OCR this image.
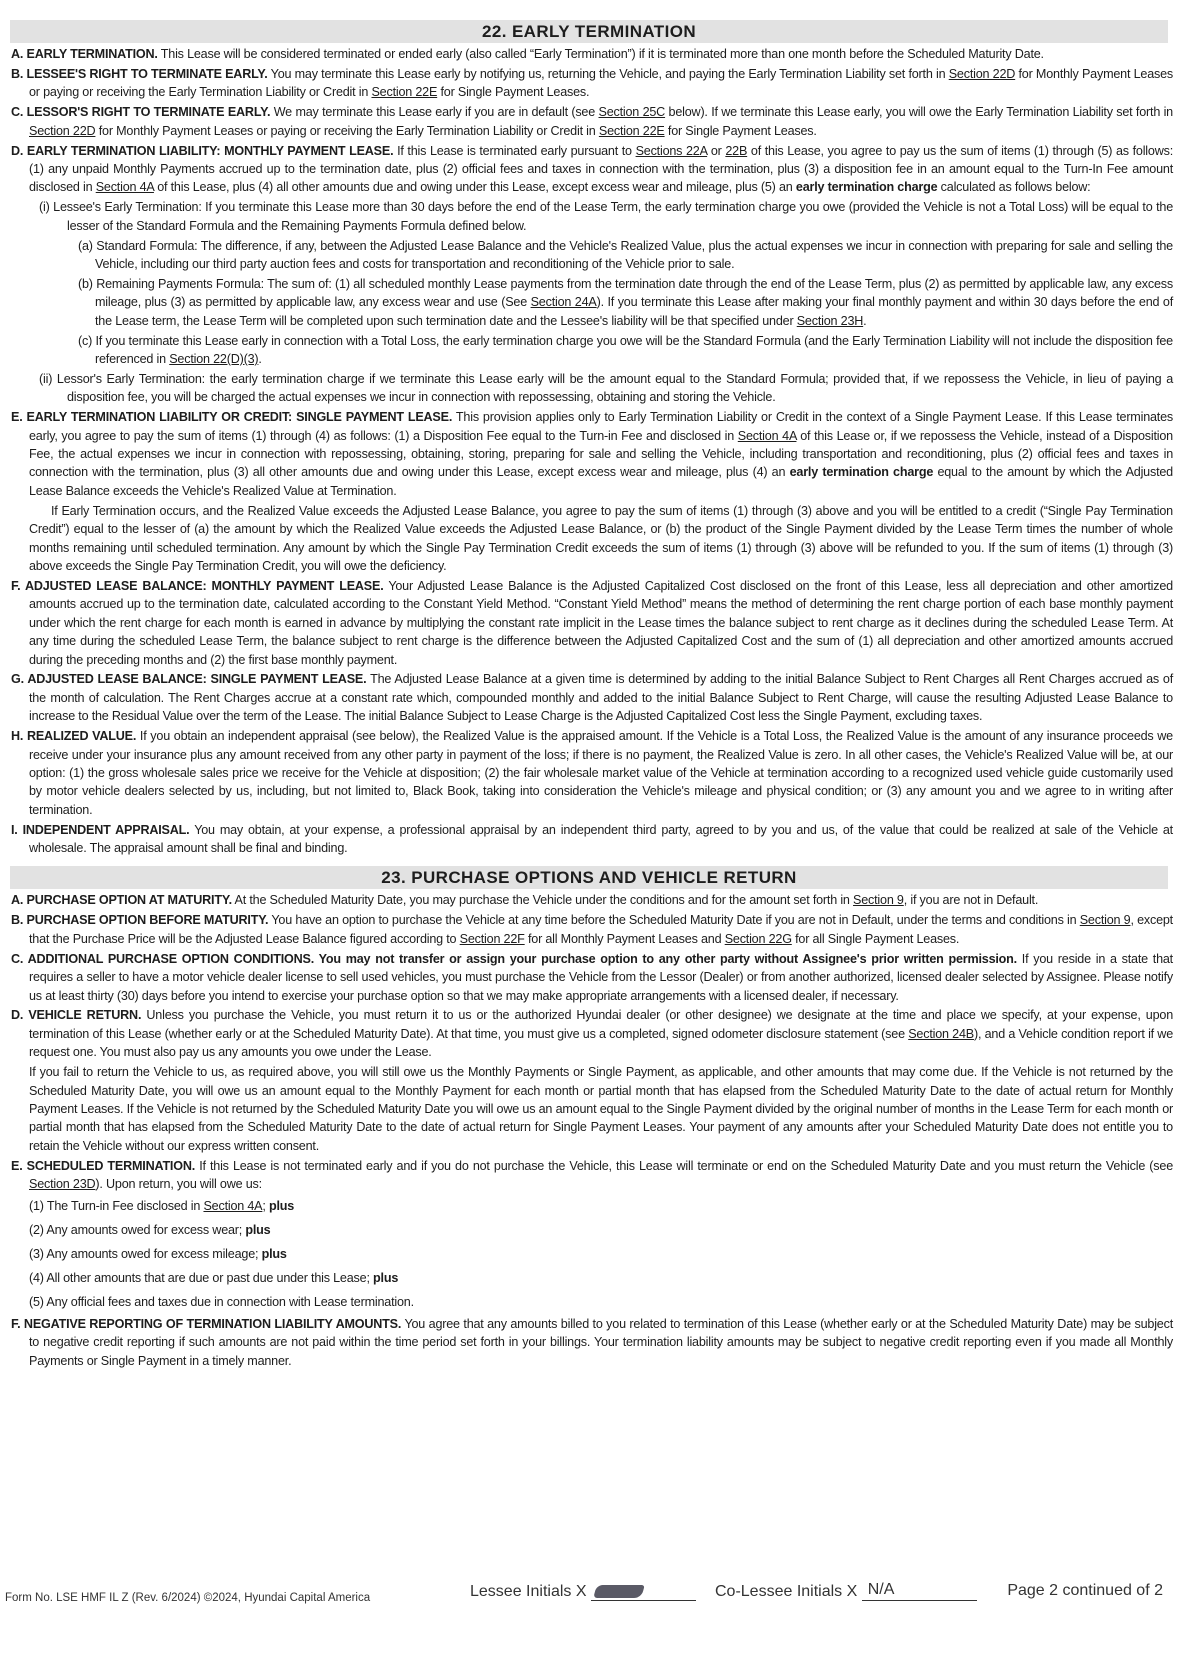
22. EARLY TERMINATION

A. EARLY TERMINATION. This Lease will be considered terminated or ended early (also called “Early Termination”) if it is terminated more than one month before the Scheduled Maturity Date.

B. LESSEE'S RIGHT TO TERMINATE EARLY. You may terminate this Lease early by notifying us, returning the Vehicle, and paying the Early Termination Liability set forth in Section 22D for Monthly Payment Leases or paying or receiving the Early Termination Liability or Credit in Section 22E for Single Payment Leases.

C. LESSOR'S RIGHT TO TERMINATE EARLY. We may terminate this Lease early if you are in default (see Section 25C below). If we terminate this Lease early, you will owe the Early Termination Liability set forth in Section 22D for Monthly Payment Leases or paying or receiving the Early Termination Liability or Credit in Section 22E for Single Payment Leases.

D. EARLY TERMINATION LIABILITY: MONTHLY PAYMENT LEASE. If this Lease is terminated early pursuant to Sections 22A or 22B of this Lease, you agree to pay us the sum of items (1) through (5) as follows: (1) any unpaid Monthly Payments accrued up to the termination date, plus (2) official fees and taxes in connection with the termination, plus (3) a disposition fee in an amount equal to the Turn-In Fee amount disclosed in Section 4A of this Lease, plus (4) all other amounts due and owing under this Lease, except excess wear and mileage, plus (5) an early termination charge calculated as follows below:

(i) Lessee's Early Termination: If you terminate this Lease more than 30 days before the end of the Lease Term, the early termination charge you owe (provided the Vehicle is not a Total Loss) will be equal to the lesser of the Standard Formula and the Remaining Payments Formula defined below.

(a) Standard Formula: The difference, if any, between the Adjusted Lease Balance and the Vehicle's Realized Value, plus the actual expenses we incur in connection with preparing for sale and selling the Vehicle, including our third party auction fees and costs for transportation and reconditioning of the Vehicle prior to sale.

(b) Remaining Payments Formula: The sum of: (1) all scheduled monthly Lease payments from the termination date through the end of the Lease Term, plus (2) as permitted by applicable law, any excess mileage, plus (3) as permitted by applicable law, any excess wear and use (See Section 24A). If you terminate this Lease after making your final monthly payment and within 30 days before the end of the Lease term, the Lease Term will be completed upon such termination date and the Lessee's liability will be that specified under Section 23H.

(c) If you terminate this Lease early in connection with a Total Loss, the early termination charge you owe will be the Standard Formula (and the Early Termination Liability will not include the disposition fee referenced in Section 22(D)(3).

(ii) Lessor's Early Termination: the early termination charge if we terminate this Lease early will be the amount equal to the Standard Formula; provided that, if we repossess the Vehicle, in lieu of paying a disposition fee, you will be charged the actual expenses we incur in connection with repossessing, obtaining and storing the Vehicle.

E. EARLY TERMINATION LIABILITY OR CREDIT: SINGLE PAYMENT LEASE. This provision applies only to Early Termination Liability or Credit in the context of a Single Payment Lease. If this Lease terminates early, you agree to pay the sum of items (1) through (4) as follows: (1) a Disposition Fee equal to the Turn-in Fee and disclosed in Section 4A of this Lease or, if we repossess the Vehicle, instead of a Disposition Fee, the actual expenses we incur in connection with repossessing, obtaining, storing, preparing for sale and selling the Vehicle, including transportation and reconditioning, plus (2) official fees and taxes in connection with the termination, plus (3) all other amounts due and owing under this Lease, except excess wear and mileage, plus (4) an early termination charge equal to the amount by which the Adjusted Lease Balance exceeds the Vehicle's Realized Value at Termination.

If Early Termination occurs, and the Realized Value exceeds the Adjusted Lease Balance, you agree to pay the sum of items (1) through (3) above and you will be entitled to a credit (“Single Pay Termination Credit”) equal to the lesser of (a) the amount by which the Realized Value exceeds the Adjusted Lease Balance, or (b) the product of the Single Payment divided by the Lease Term times the number of whole months remaining until scheduled termination. Any amount by which the Single Pay Termination Credit exceeds the sum of items (1) through (3) above will be refunded to you. If the sum of items (1) through (3) above exceeds the Single Pay Termination Credit, you will owe the deficiency.

F. ADJUSTED LEASE BALANCE: MONTHLY PAYMENT LEASE. Your Adjusted Lease Balance is the Adjusted Capitalized Cost disclosed on the front of this Lease, less all depreciation and other amortized amounts accrued up to the termination date, calculated according to the Constant Yield Method. “Constant Yield Method” means the method of determining the rent charge portion of each base monthly payment under which the rent charge for each month is earned in advance by multiplying the constant rate implicit in the Lease times the balance subject to rent charge as it declines during the scheduled Lease Term. At any time during the scheduled Lease Term, the balance subject to rent charge is the difference between the Adjusted Capitalized Cost and the sum of (1) all depreciation and other amortized amounts accrued during the preceding months and (2) the first base monthly payment.

G. ADJUSTED LEASE BALANCE: SINGLE PAYMENT LEASE. The Adjusted Lease Balance at a given time is determined by adding to the initial Balance Subject to Rent Charges all Rent Charges accrued as of the month of calculation. The Rent Charges accrue at a constant rate which, compounded monthly and added to the initial Balance Subject to Rent Charge, will cause the resulting Adjusted Lease Balance to increase to the Residual Value over the term of the Lease. The initial Balance Subject to Lease Charge is the Adjusted Capitalized Cost less the Single Payment, excluding taxes.

H. REALIZED VALUE. If you obtain an independent appraisal (see below), the Realized Value is the appraised amount. If the Vehicle is a Total Loss, the Realized Value is the amount of any insurance proceeds we receive under your insurance plus any amount received from any other party in payment of the loss; if there is no payment, the Realized Value is zero. In all other cases, the Vehicle's Realized Value will be, at our option: (1) the gross wholesale sales price we receive for the Vehicle at disposition; (2) the fair wholesale market value of the Vehicle at termination according to a recognized used vehicle guide customarily used by motor vehicle dealers selected by us, including, but not limited to, Black Book, taking into consideration the Vehicle's mileage and physical condition; or (3) any amount you and we agree to in writing after termination.

I. INDEPENDENT APPRAISAL. You may obtain, at your expense, a professional appraisal by an independent third party, agreed to by you and us, of the value that could be realized at sale of the Vehicle at wholesale. The appraisal amount shall be final and binding.

23. PURCHASE OPTIONS AND VEHICLE RETURN

A. PURCHASE OPTION AT MATURITY. At the Scheduled Maturity Date, you may purchase the Vehicle under the conditions and for the amount set forth in Section 9, if you are not in Default.

B. PURCHASE OPTION BEFORE MATURITY. You have an option to purchase the Vehicle at any time before the Scheduled Maturity Date if you are not in Default, under the terms and conditions in Section 9, except that the Purchase Price will be the Adjusted Lease Balance figured according to Section 22F for all Monthly Payment Leases and Section 22G for all Single Payment Leases.

C. ADDITIONAL PURCHASE OPTION CONDITIONS. You may not transfer or assign your purchase option to any other party without Assignee's prior written permission. If you reside in a state that requires a seller to have a motor vehicle dealer license to sell used vehicles, you must purchase the Vehicle from the Lessor (Dealer) or from another authorized, licensed dealer selected by Assignee. Please notify us at least thirty (30) days before you intend to exercise your purchase option so that we may make appropriate arrangements with a licensed dealer, if necessary.

D. VEHICLE RETURN. Unless you purchase the Vehicle, you must return it to us or the authorized Hyundai dealer (or other designee) we designate at the time and place we specify, at your expense, upon termination of this Lease (whether early or at the Scheduled Maturity Date). At that time, you must give us a completed, signed odometer disclosure statement (see Section 24B), and a Vehicle condition report if we request one. You must also pay us any amounts you owe under the Lease.

If you fail to return the Vehicle to us, as required above, you will still owe us the Monthly Payments or Single Payment, as applicable, and other amounts that may come due. If the Vehicle is not returned by the Scheduled Maturity Date, you will owe us an amount equal to the Monthly Payment for each month or partial month that has elapsed from the Scheduled Maturity Date to the date of actual return for Monthly Payment Leases. If the Vehicle is not returned by the Scheduled Maturity Date you will owe us an amount equal to the Single Payment divided by the original number of months in the Lease Term for each month or partial month that has elapsed from the Scheduled Maturity Date to the date of actual return for Single Payment Leases. Your payment of any amounts after your Scheduled Maturity Date does not entitle you to retain the Vehicle without our express written consent.

E. SCHEDULED TERMINATION. If this Lease is not terminated early and if you do not purchase the Vehicle, this Lease will terminate or end on the Scheduled Maturity Date and you must return the Vehicle (see Section 23D). Upon return, you will owe us:

(1) The Turn-in Fee disclosed in Section 4A; plus

(2) Any amounts owed for excess wear; plus

(3) Any amounts owed for excess mileage; plus

(4) All other amounts that are due or past due under this Lease; plus

(5) Any official fees and taxes due in connection with Lease termination.

F. NEGATIVE REPORTING OF TERMINATION LIABILITY AMOUNTS. You agree that any amounts billed to you related to termination of this Lease (whether early or at the Scheduled Maturity Date) may be subject to negative credit reporting if such amounts are not paid within the time period set forth in your billings. Your termination liability amounts may be subject to negative credit reporting even if you made all Monthly Payments or Single Payment in a timely manner.

Form No. LSE HMF IL Z (Rev. 6/2024) ©2024, Hyundai Capital America	Lessee Initials X	Co-Lessee Initials X N/A	Page 2 continued of 2
